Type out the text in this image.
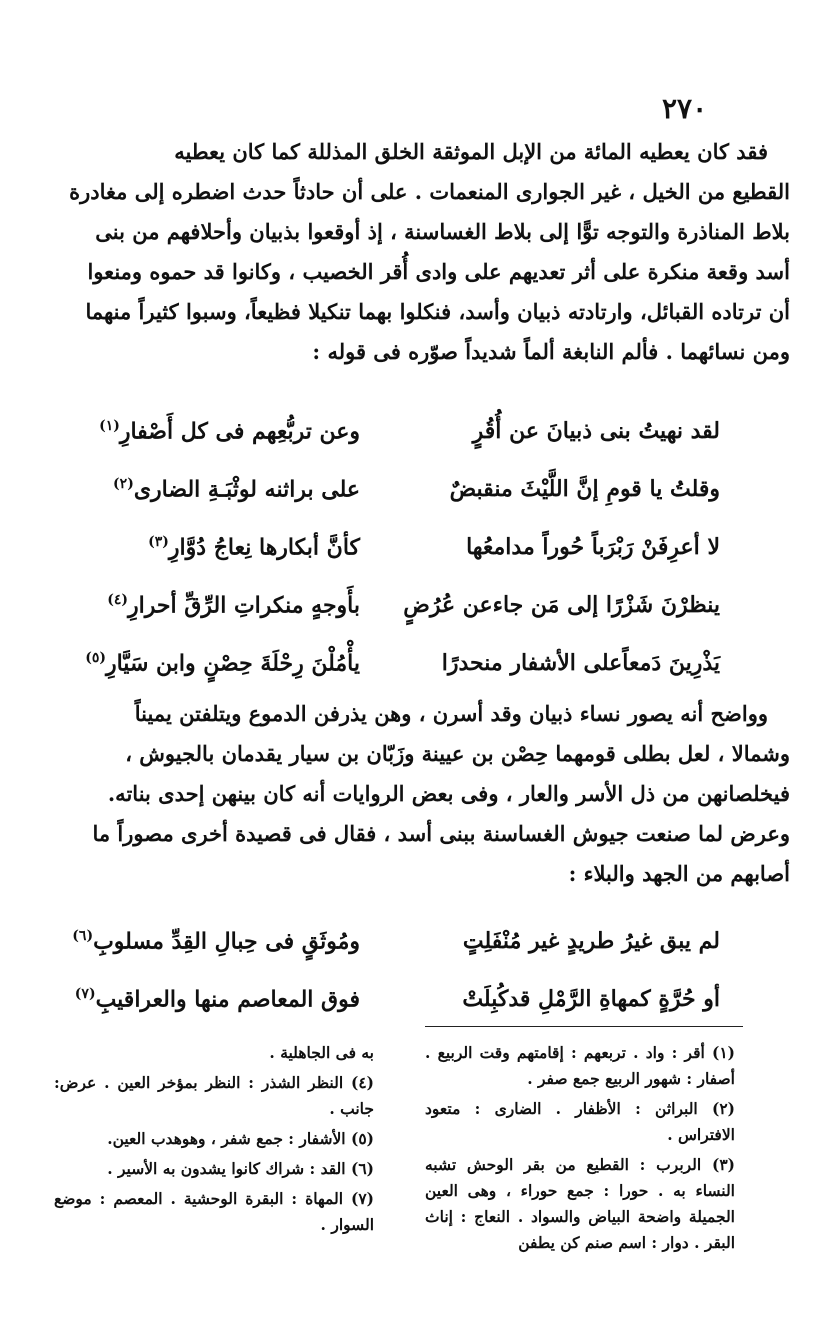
٢٧٠
فقد كان يعطيه المائة من الإبل الموثقة الخلق المذللة كما كان يعطيه
القطيع من الخيل ، غير الجوارى المنعمات . على أن حادثاً حدث اضطره إلى مغادرة
بلاط المناذرة والتوجه توًّا إلى بلاط الغساسنة ، إذ أوقعوا بذبيان وأحلافهم من بنى
أسد وقعة منكرة على أثر تعديهم على وادى أُقر الخصيب ، وكانوا قد حموه ومنعوا
أن ترتاده القبائل، وارتادته ذبيان وأسد، فنكلوا بهما تنكيلا فظيعاً، وسبوا كثيراً منهما
ومن نسائهما . فألم النابغة ألماً شديداً صوّره فى قوله :
لقد نهيتُ بنى ذبيانَ عن أُقُرٍ
وعن تربُّعِهم فى كل أَصْفارِ$^{(١)}$
وقلتُ يا قومِ إنَّ اللَّيْثَ منقبضٌ
على براثنه لوثْبَـةِ الضارى$^{(٢)}$
لا أعرِفَنْ رَبْرَباً حُوراً مدامعُها
كأنَّ أبكارها نِعاجُ دُوَّارِ$^{(٣)}$
ينظرْنَ شَزْرًا إلى مَن جاءعن عُرُضٍ
بأَوجهٍ منكراتِ الرِّقِّ أحرارِ$^{(٤)}$
يَذْرِينَ دَمعاًعلى الأشفار منحدرًا
يأْمُلْنَ رِحْلَةَ حِصْنٍ وابن سَيَّارِ$^{(٥)}$
وواضح أنه يصور نساء ذبيان وقد أسرن ، وهن يذرفن الدموع ويتلفتن يميناً
وشمالا ، لعل بطلى قومهما حِصْن بن عيينة وزَبّان بن سيار يقدمان بالجيوش ،
فيخلصانهن من ذل الأسر والعار ، وفى بعض الروايات أنه كان بينهن إحدى بناته.
وعرض لما صنعت جيوش الغساسنة ببنى أسد ، فقال فى قصيدة أخرى مصوراً ما
أصابهم من الجهد والبلاء :
لم يبق غيرُ طريدٍ غير مُنْفَلِتٍ
ومُوثَقٍ فى حِبالِ القِدِّ مسلوبِ$^{(٦)}$
أو حُرَّةٍ كمهاةِ الرَّمْلِ قدكُبِلَتْ
فوق المعاصم منها والعراقيبِ$^{(٧)}$

(١) أقر : واد . تربعهم : إقامتهم وقت الربيع . أصفار : شهور الربيع جمع صفر .

(٢) البراثن : الأظفار . الضارى : متعود الافتراس .

(٣) الربرب : القطيع من بقر الوحش تشبه النساء به . حورا : جمع حوراء ، وهى العين الجميلة واضحة البياض والسواد . النعاج : إناث البقر . دوار : اسم صنم كن يطفن

به فى الجاهلية .

(٤) النظر الشذر : النظر بمؤخر العين . عرض: جانب .

(٥) الأشفار : جمع شفر ، وهوهدب العين.

(٦) القد : شراك كانوا يشدون به الأسير .

(٧) المهاة : البقرة الوحشية . المعصم : موضع السوار .
